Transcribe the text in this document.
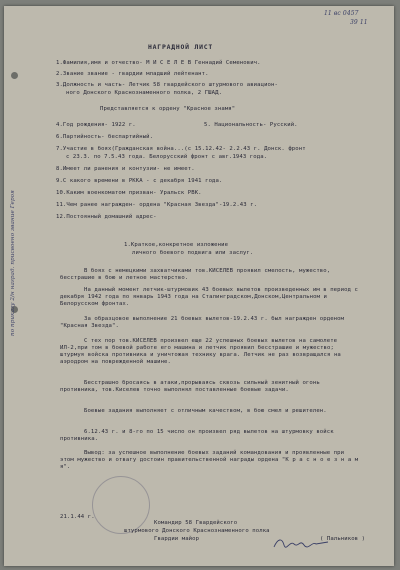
11 вс 0457
39 11
НАГРАДНОЙ ЛИСТ
1.Фамилия,имя и отчество- М И С Е Л Е В Геннадий Семенович.
2.Звание звание - гвардии младший лейтенант.
3.Должность и часть- Летчик 58 гвардейского штурмового авиацион-
ного Донского Краснознаменного полка, 2 ГШАД.
Представляется к ордену "Красное знамя"
4.Год рождения- 1922 г.	5. Национальность- Русский.
6.Партийность- беспартийный.
7.Участие в боях(Гражданская война...(с 15.12.42- 2.2.43 г. Донск. фронт
с 23.3. по 7.5.43 года. Белорусский фронт с авг.1943 года.
8.Имеет ли ранения и контузии- не имеет.
9.С какого времени в РККА - с декабря 1941 года.
10.Каким военкоматом призван- Уральск РВК.
11.Чем ранее награжден- ордена "Красная Звезда"-19.2.43 г.
12.Постоянный домашний адрес-
1.Краткое,конкретное изложение
личного боевого подвига или заслуг.
В боях с немецкими захватчиками тов.КИСЕЛЕВ проявил смелость, мужество, бесстрашие в бою и летное мастерство.
На данный момент летчик-штурмовик 43 боевых вылетов произведенных им в период с декабря 1942 года по январь 1943 года на Сталинградском,Донском,Центральном и Белорусском фронтах.
За образцовое выполнение 21 боевых вылетов-19.2.43 г. был награжден орденом "Красная Звезда".
С тех пор тов.КИСЕЛЕВ произвел еще 22 успешных боевых вылетов на самолете ИЛ-2,при том в боевой работе его машина и летчик проявил бесстрашие и мужество; штурмуя войска противника и уничтожая технику врага. Летчик не раз возвращался на аэродром на поврежденной машине.
Бесстрашно бросаясь в атаки,прорываясь сквозь сильный зенитный огонь противника, тов.Киселев точно выполнял поставленные боевые задачи.
Боевые задания выполняет с отличным качеством, в бою смел и решителен.
6.12.43 г. и 8-го по 15 число он произвел ряд вылетов на штурмовку войск противника.
Вывод: за успешное выполнение боевых заданий командования и проявленные при этом мужество и отвагу достоин правительственной награды ордена "К р а с н о е з н а м я".
21.1.44 г.
Командир 58 Гвардейского
штурмового Донского Краснознаменного полка
Гвардии майор	( Пальников )
по приказу 2/н наград. присвоено звание Героя
